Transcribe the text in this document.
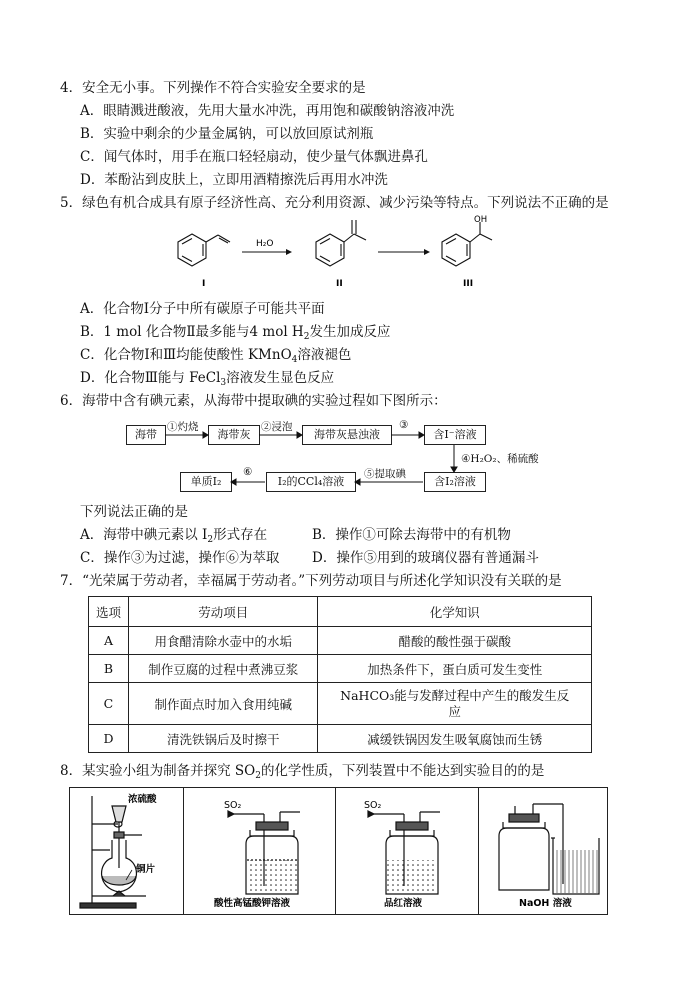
4．安全无小事。下列操作不符合实验安全要求的是
A．眼睛溅进酸液，先用大量水冲洗，再用饱和碳酸钠溶液冲洗
B．实验中剩余的少量金属钠，可以放回原试剂瓶
C．闻气体时，用手在瓶口轻轻扇动，使少量气体飘进鼻孔
D．苯酚沾到皮肤上，立即用酒精擦洗后再用水冲洗
5．绿色有机合成具有原子经济性高、充分利用资源、减少污染等特点。下列说法不正确的是
I
H₂O
II
OH
III
A．化合物Ⅰ分子中所有碳原子可能共平面
B．1 mol 化合物Ⅱ最多能与4 mol $H_2$发生加成反应
C．化合物Ⅰ和Ⅲ均能使酸性 KMnO$_4$溶液褪色
D．化合物Ⅲ能与 FeCl$_3$溶液发生显色反应
6．海带中含有碘元素，从海带中提取碘的实验过程如下图所示：
海带	海带灰	海带灰悬浊液	含I⁻溶液
含I₂溶液
I₂的CCl₄溶液
单质I₂
①灼烧	②浸泡	③
④H₂O₂、稀硫酸
⑤提取碘
⑥
下列说法正确的是
A．海带中碘元素以 $I_2$形式存在	B．操作①可除去海带中的有机物
C．操作③为过滤，操作⑥为萃取 D．操作⑤用到的玻璃仪器有普通漏斗
7．“光荣属于劳动者，幸福属于劳动者。”下列劳动项目与所述化学知识没有关联的是
选项	劳动项目	化学知识
A	用食醋清除水壶中的水垢	醋酸的酸性强于碳酸
B	制作豆腐的过程中煮沸豆浆	加热条件下，蛋白质可发生变性
C	制作面点时加入食用纯碱	NaHCO₃能与发酵过程中产生的酸发生反应
D	清洗铁锅后及时擦干	减缓铁锅因发生吸氧腐蚀而生锈
8．某实验小组为制备并探究 $SO_2$的化学性质，下列装置中不能达到实验目的的是
浓硫酸
铜片
SO₂
酸性高锰酸钾溶液
SO₂
品红溶液	NaOH 溶液
